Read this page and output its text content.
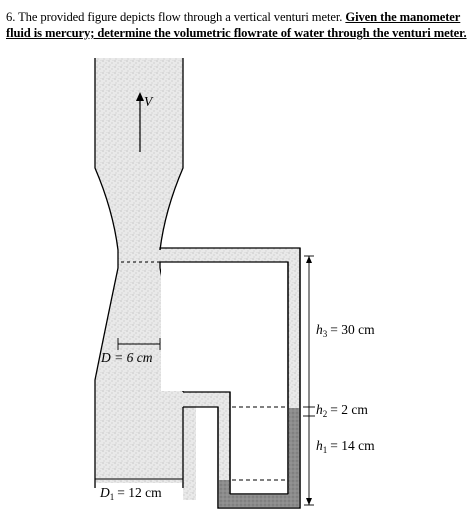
6. The provided figure depicts flow through a vertical venturi meter. Given the manometer
fluid is mercury; determine the volumetric flowrate of water through the venturi meter.
V
D = 6 cm
$D_1 = 12$ cm
$h_3 = 30$ cm
$h_2 = 2$ cm
$h_1 = 14$ cm
